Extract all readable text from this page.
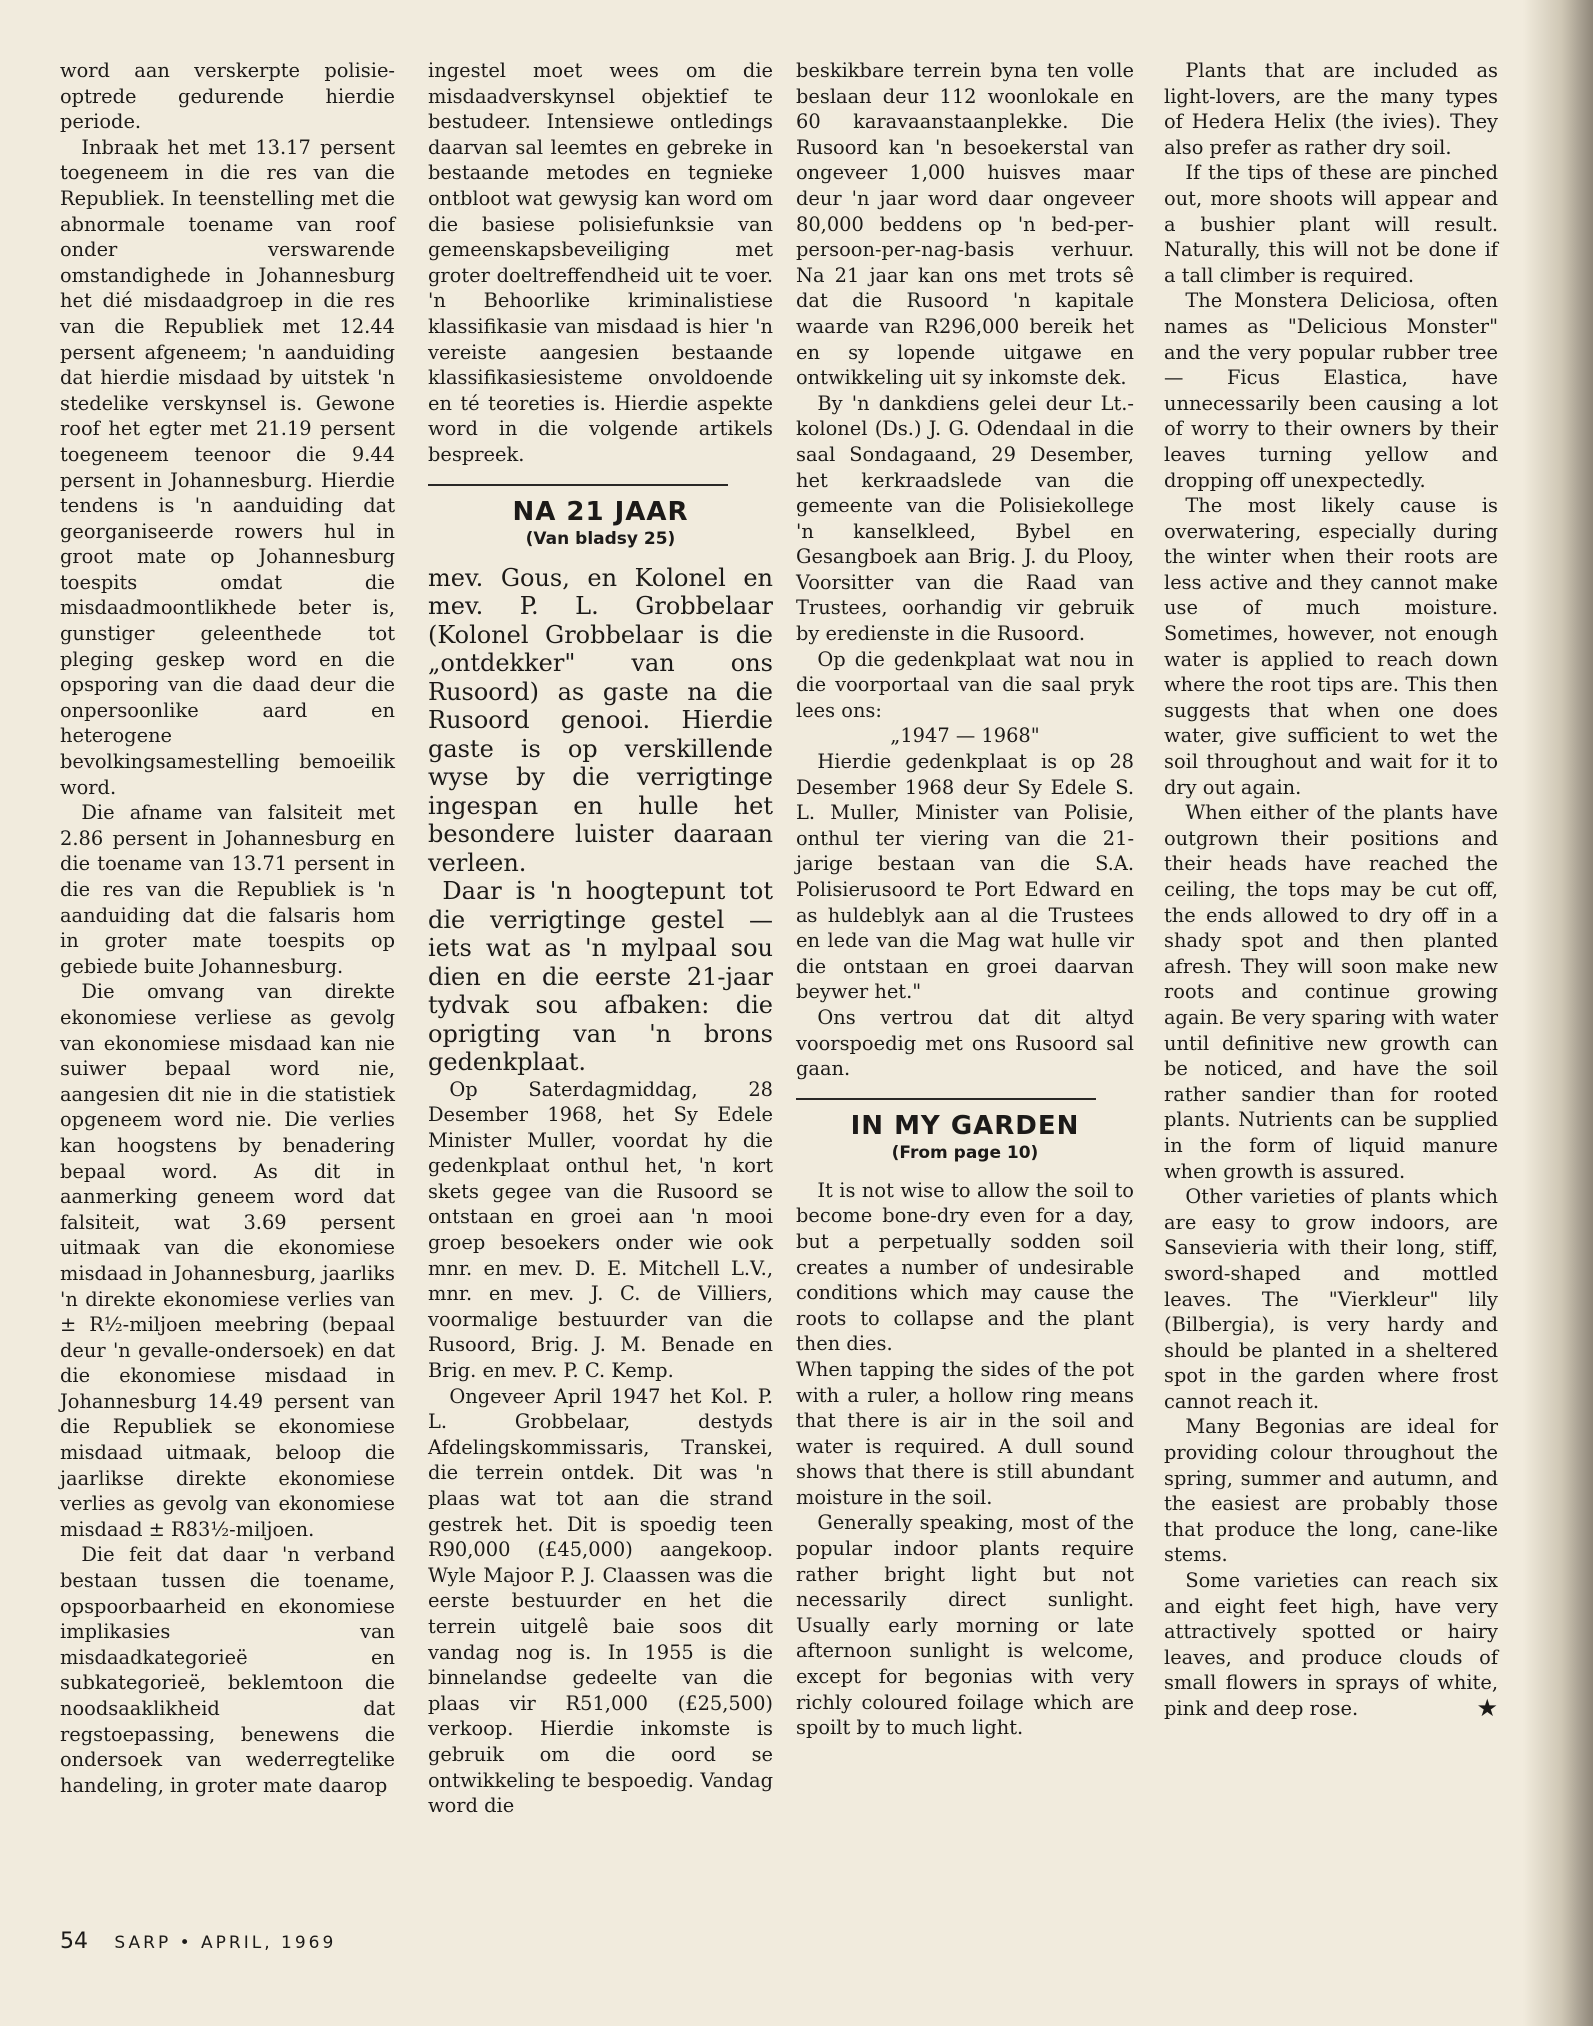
word aan verskerpte polisie-optrede gedurende hierdie periode.

Inbraak het met 13.17 persent toegeneem in die res van die Republiek. In teenstelling met die abnormale toename van roof onder verswarende omstandighede in Johannesburg het dié misdaadgroep in die res van die Republiek met 12.44 persent afgeneem; 'n aanduiding dat hierdie misdaad by uitstek 'n stedelike verskynsel is. Gewone roof het egter met 21.19 persent toegeneem teenoor die 9.44 persent in Johannesburg. Hierdie tendens is 'n aanduiding dat georganiseerde rowers hul in groot mate op Johannesburg toespits omdat die misdaadmoontlikhede beter is, gunstiger geleenthede tot pleging geskep word en die opsporing van die daad deur die onpersoonlike aard en heterogene bevolkingsamestelling bemoeilik word.

Die afname van falsiteit met 2.86 persent in Johannesburg en die toename van 13.71 persent in die res van die Republiek is 'n aanduiding dat die falsaris hom in groter mate toespits op gebiede buite Johannesburg.

Die omvang van direkte ekonomiese verliese as gevolg van ekonomiese misdaad kan nie suiwer bepaal word nie, aangesien dit nie in die statistiek opgeneem word nie. Die verlies kan hoogstens by benadering bepaal word. As dit in aanmerking geneem word dat falsiteit, wat 3.69 persent uitmaak van die ekonomiese misdaad in Johannesburg, jaarliks 'n direkte ekonomiese verlies van ± R½-miljoen meebring (bepaal deur 'n gevalle-ondersoek) en dat die ekonomiese misdaad in Johannesburg 14.49 persent van die Republiek se ekonomiese misdaad uitmaak, beloop die jaarlikse direkte ekonomiese verlies as gevolg van ekonomiese misdaad ± R83½-miljoen.

Die feit dat daar 'n verband bestaan tussen die toename, opspoorbaarheid en ekonomiese implikasies van misdaadkategorieë en subkategorieë, beklemtoon die noodsaaklikheid dat regstoepassing, benewens die ondersoek van wederregtelike handeling, in groter mate daarop

ingestel moet wees om die misdaadverskynsel objektief te bestudeer. Intensiewe ontledings daarvan sal leemtes en gebreke in bestaande metodes en tegnieke ontbloot wat gewysig kan word om die basiese polisiefunksie van gemeenskapsbeveiliging met groter doeltreffendheid uit te voer. 'n Behoorlike kriminalistiese klassifikasie van misdaad is hier 'n vereiste aangesien bestaande klassifikasiesisteme onvoldoende en té teoreties is. Hierdie aspekte word in die volgende artikels bespreek.

NA 21 JAAR
(Van bladsy 25)

mev. Gous, en Kolonel en mev. P. L. Grobbelaar (Kolonel Grobbelaar is die „ontdekker" van ons Rusoord) as gaste na die Rusoord genooi. Hierdie gaste is op verskillende wyse by die verrigtinge ingespan en hulle het besondere luister daaraan verleen.

Daar is 'n hoogtepunt tot die verrigtinge gestel — iets wat as 'n mylpaal sou dien en die eerste 21-jaar tydvak sou afbaken: die oprigting van 'n brons gedenkplaat.

Op Saterdagmiddag, 28 Desember 1968, het Sy Edele Minister Muller, voordat hy die gedenkplaat onthul het, 'n kort skets gegee van die Rusoord se ontstaan en groei aan 'n mooi groep besoekers onder wie ook mnr. en mev. D. E. Mitchell L.V., mnr. en mev. J. C. de Villiers, voormalige bestuurder van die Rusoord, Brig. J. M. Benade en Brig. en mev. P. C. Kemp.

Ongeveer April 1947 het Kol. P. L. Grobbelaar, destyds Afdelingskommissaris, Transkei, die terrein ontdek. Dit was 'n plaas wat tot aan die strand gestrek het. Dit is spoedig teen R90,000 (£45,000) aangekoop. Wyle Majoor P. J. Claassen was die eerste bestuurder en het die terrein uitgelê baie soos dit vandag nog is. In 1955 is die binnelandse gedeelte van die plaas vir R51,000 (£25,500) verkoop. Hierdie inkomste is gebruik om die oord se ontwikkeling te bespoedig. Vandag word die

beskikbare terrein byna ten volle beslaan deur 112 woonlokale en 60 karavaanstaanplekke. Die Rusoord kan 'n besoekerstal van ongeveer 1,000 huisves maar deur 'n jaar word daar ongeveer 80,000 beddens op 'n bed-per-persoon-per-nag-basis verhuur. Na 21 jaar kan ons met trots sê dat die Rusoord 'n kapitale waarde van R296,000 bereik het en sy lopende uitgawe en ontwikkeling uit sy inkomste dek.

By 'n dankdiens gelei deur Lt.-kolonel (Ds.) J. G. Odendaal in die saal Sondagaand, 29 Desember, het kerkraadslede van die gemeente van die Polisiekollege 'n kanselkleed, Bybel en Gesangboek aan Brig. J. du Plooy, Voorsitter van die Raad van Trustees, oorhandig vir gebruik by eredienste in die Rusoord.

Op die gedenkplaat wat nou in die voorportaal van die saal pryk lees ons:

„1947 — 1968"

Hierdie gedenkplaat is op 28 Desember 1968 deur Sy Edele S. L. Muller, Minister van Polisie, onthul ter viering van die 21-jarige bestaan van die S.A. Polisierusoord te Port Edward en as huldeblyk aan al die Trustees en lede van die Mag wat hulle vir die ontstaan en groei daarvan beywer het."

Ons vertrou dat dit altyd voorspoedig met ons Rusoord sal gaan.

IN MY GARDEN
(From page 10)

It is not wise to allow the soil to become bone-dry even for a day, but a perpetually sodden soil creates a number of undesirable conditions which may cause the roots to collapse and the plant then dies.

When tapping the sides of the pot with a ruler, a hollow ring means that there is air in the soil and water is required. A dull sound shows that there is still abundant moisture in the soil.

Generally speaking, most of the popular indoor plants require rather bright light but not necessarily direct sunlight. Usually early morning or late afternoon sunlight is welcome, except for begonias with very richly coloured foilage which are spoilt by to much light.

Plants that are included as light-lovers, are the many types of Hedera Helix (the ivies). They also prefer as rather dry soil.

If the tips of these are pinched out, more shoots will appear and a bushier plant will result. Naturally, this will not be done if a tall climber is required.

The Monstera Deliciosa, often names as "Delicious Monster" and the very popular rubber tree — Ficus Elastica, have unnecessarily been causing a lot of worry to their owners by their leaves turning yellow and dropping off unexpectedly.

The most likely cause is overwatering, especially during the winter when their roots are less active and they cannot make use of much moisture. Sometimes, however, not enough water is applied to reach down where the root tips are. This then suggests that when one does water, give sufficient to wet the soil throughout and wait for it to dry out again.

When either of the plants have outgrown their positions and their heads have reached the ceiling, the tops may be cut off, the ends allowed to dry off in a shady spot and then planted afresh. They will soon make new roots and continue growing again. Be very sparing with water until definitive new growth can be noticed, and have the soil rather sandier than for rooted plants. Nutrients can be supplied in the form of liquid manure when growth is assured.

Other varieties of plants which are easy to grow indoors, are Sansevieria with their long, stiff, sword-shaped and mottled leaves. The "Vierkleur" lily (Bilbergia), is very hardy and should be planted in a sheltered spot in the garden where frost cannot reach it.

Many Begonias are ideal for providing colour throughout the spring, summer and autumn, and the easiest are probably those that produce the long, cane-like stems.

Some varieties can reach six and eight feet high, have very attractively spotted or hairy leaves, and produce clouds of small flowers in sprays of white, pink and deep rose.	★

54 SARP • APRIL, 1969
